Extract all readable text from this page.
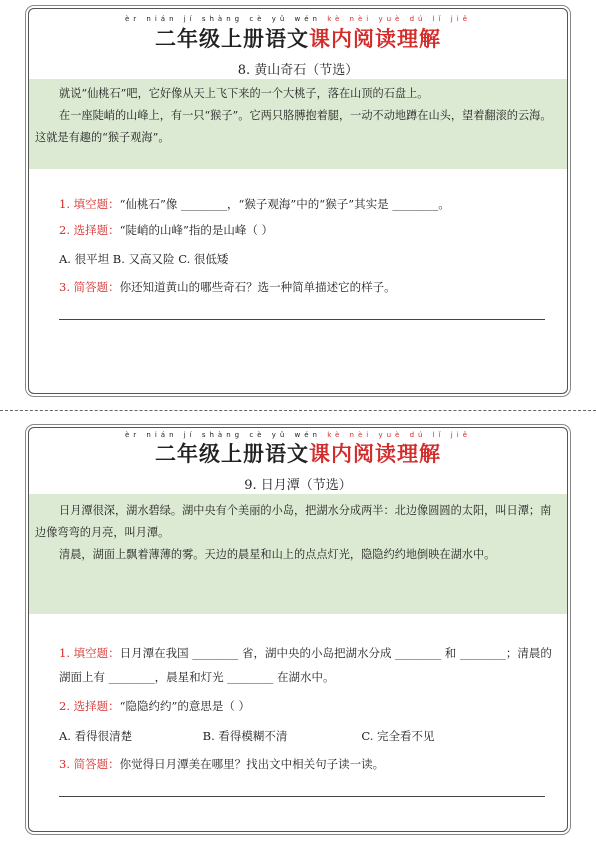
èr nián jí shàng cè yǔ wén kè nèi yuè dú lǐ jiě
二年级上册语文课内阅读理解
8. 黄山奇石（节选）

就说“仙桃石”吧，它好像从天上飞下来的一个大桃子，落在山顶的石盘上。

在一座陡峭的山峰上，有一只“猴子”。它两只胳膊抱着腿，一动不动地蹲在山头，望着翻滚的云海。这就是有趣的“猴子观海”。

1. 填空题：“仙桃石”像 ________，“猴子观海”中的“猴子”其实是 ________。
2. 选择题：“陡峭的山峰”指的是山峰（ ）
A. 很平坦 B. 又高又险 C. 很低矮
3. 简答题：你还知道黄山的哪些奇石？选一种简单描述它的样子。
èr nián jí shàng cè yǔ wén kè nèi yuè dú lǐ jiě
二年级上册语文课内阅读理解
9. 日月潭（节选）

日月潭很深，湖水碧绿。湖中央有个美丽的小岛，把湖水分成两半：北边像圆圆的太阳，叫日潭；南边像弯弯的月亮，叫月潭。

清晨，湖面上飘着薄薄的雾。天边的晨星和山上的点点灯光，隐隐约约地倒映在湖水中。

1. 填空题：日月潭在我国 ________ 省，湖中央的小岛把湖水分成 ________ 和 ________；清晨的湖面上有 ________，晨星和灯光 ________ 在湖水中。
2. 选择题：“隐隐约约”的意思是（ ）
A. 看得很清楚	B. 看得模糊不清	C. 完全看不见
3. 简答题：你觉得日月潭美在哪里？找出文中相关句子读一读。
